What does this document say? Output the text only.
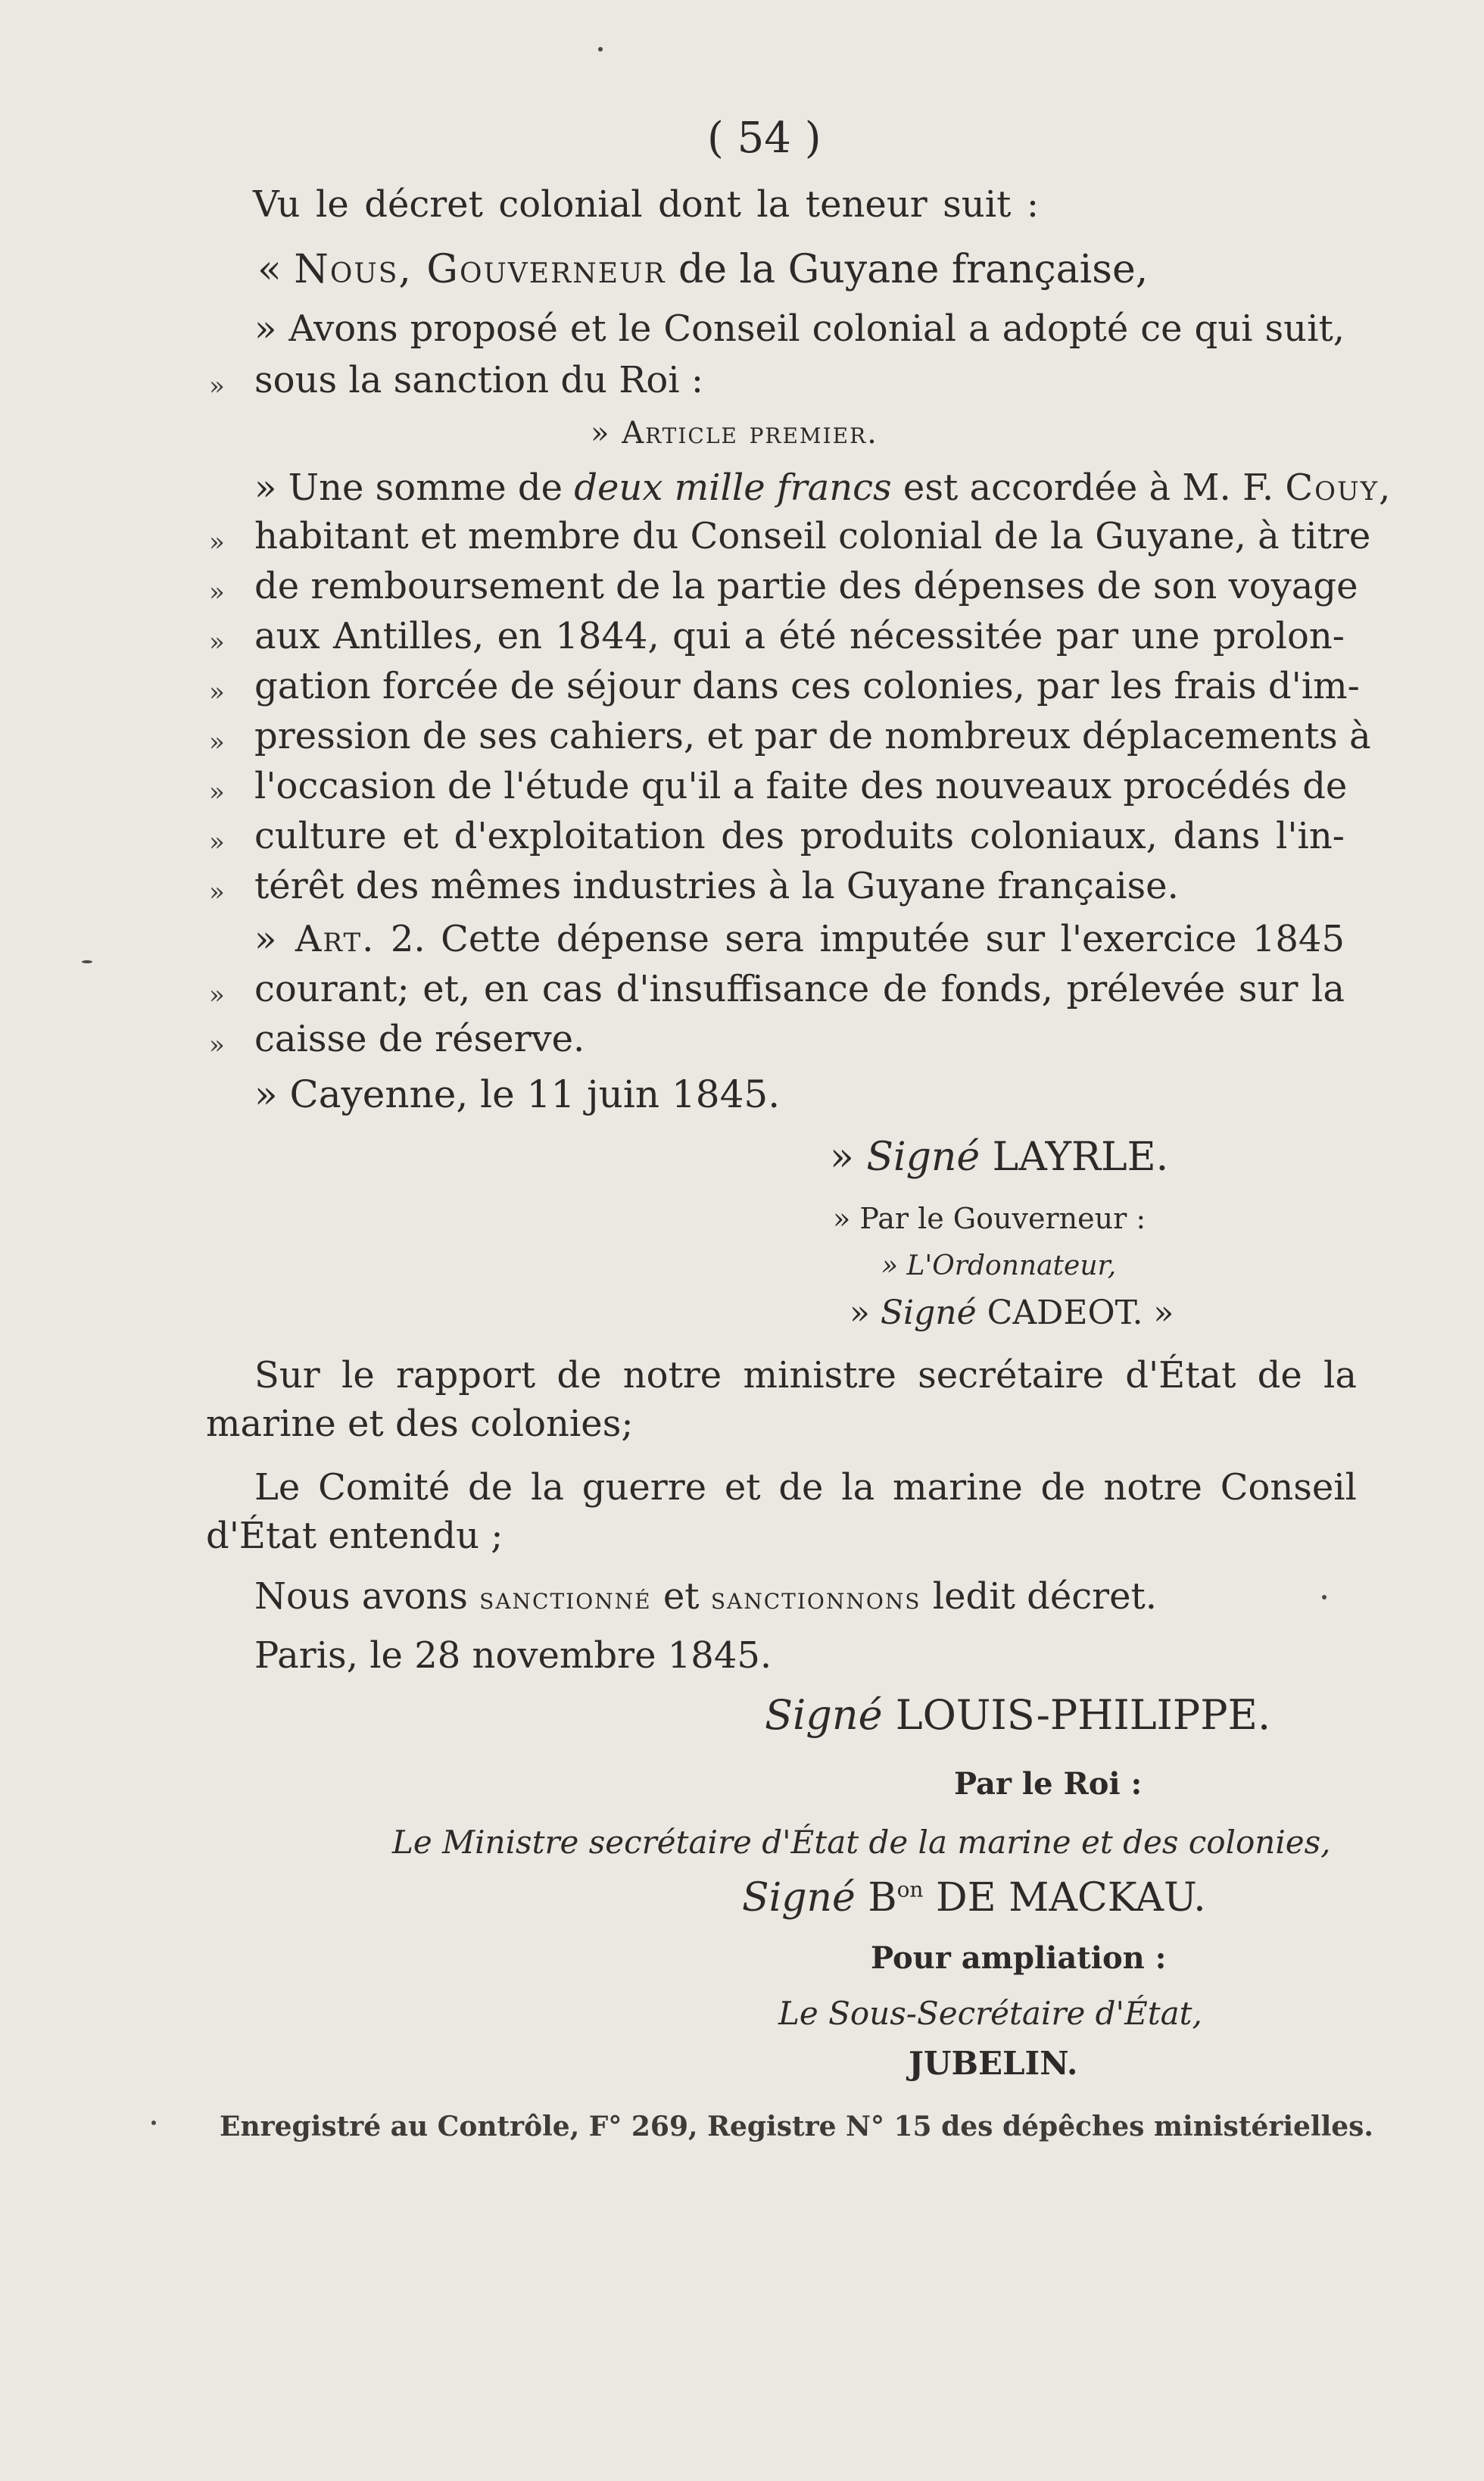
( 54 )
Vu le décret colonial dont la teneur suit :
« Nous, Gouverneur de la Guyane française,
» Avons proposé et le Conseil colonial a adopté ce qui suit,
» sous la sanction du Roi :
» Article premier.
» Une somme de deux mille francs est accordée à M. F. Couy,
» habitant et membre du Conseil colonial de la Guyane, à titre
» de remboursement de la partie des dépenses de son voyage
» aux Antilles, en 1844, qui a été nécessitée par une prolon-
» gation forcée de séjour dans ces colonies, par les frais d'im-
» pression de ses cahiers, et par de nombreux déplacements à
» l'occasion de l'étude qu'il a faite des nouveaux procédés de
» culture et d'exploitation des produits coloniaux, dans l'in-
» térêt des mêmes industries à la Guyane française.
» Art. 2. Cette dépense sera imputée sur l'exercice 1845
» courant; et, en cas d'insuffisance de fonds, prélevée sur la
» caisse de réserve.
» Cayenne, le 11 juin 1845.
» Signé LAYRLE.
» Par le Gouverneur :
» L'Ordonnateur,
» Signé CADEOT. »
Sur le rapport de notre ministre secrétaire d'État de la
marine et des colonies;
Le Comité de la guerre et de la marine de notre Conseil
d'État entendu ;
Nous avons sanctionné et sanctionnons ledit décret.
Paris, le 28 novembre 1845.
Signé LOUIS-PHILIPPE.
Par le Roi :
Le Ministre secrétaire d'État de la marine et des colonies,
Signé $B^{on}$ DE MACKAU.
Pour ampliation :
Le Sous-Secrétaire d'État,
JUBELIN.
Enregistré au Contrôle, F° 269, Registre N° 15 des dépêches ministérielles.
